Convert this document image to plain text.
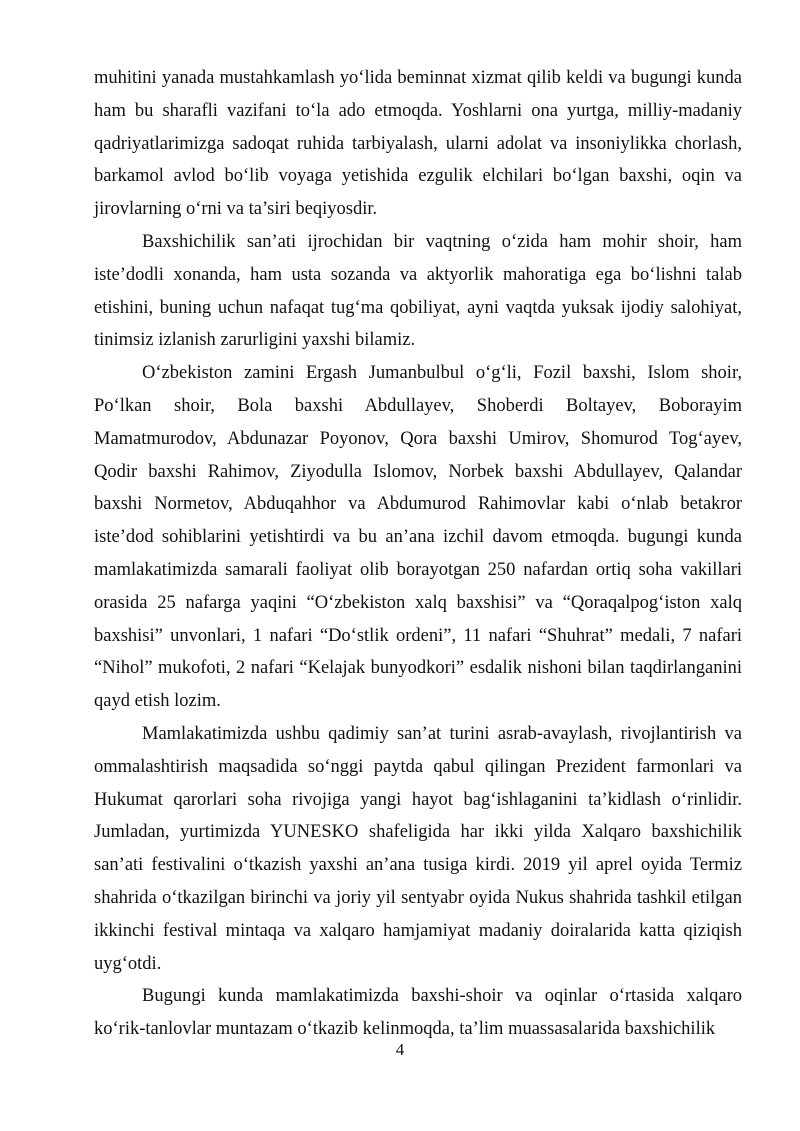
muhitini yanada mustahkamlash yo‘lida beminnat xizmat qilib keldi va bugungi kunda ham bu sharafli vazifani to‘la ado etmoqda. Yoshlarni ona yurtga, milliy-madaniy qadriyatlarimizga sadoqat ruhida tarbiyalash, ularni adolat va insoniylikka chorlash, barkamol avlod bo‘lib voyaga yetishida ezgulik elchilari bo‘lgan baxshi, oqin va jirovlarning o‘rni va ta’siri beqiyosdir.

Baxshichilik san’ati ijrochidan bir vaqtning o‘zida ham mohir shoir, ham iste’dodli xonanda, ham usta sozanda va aktyorlik mahoratiga ega bo‘lishni talab etishini, buning uchun nafaqat tug‘ma qobiliyat, ayni vaqtda yuksak ijodiy salohiyat, tinimsiz izlanish zarurligini yaxshi bilamiz.

O‘zbekiston zamini Ergash Jumanbulbul o‘g‘li, Fozil baxshi, Islom shoir, Po‘lkan shoir, Bola baxshi Abdullayev, Shoberdi Boltayev, Boborayim Mamatmurodov, Abdunazar Poyonov, Qora baxshi Umirov, Shomurod Tog‘ayev, Qodir baxshi Rahimov, Ziyodulla Islomov, Norbek baxshi Abdullayev, Qalandar baxshi Normetov, Abduqahhor va Abdumurod Rahimovlar kabi o‘nlab betakror iste’dod sohiblarini yetishtirdi va bu an’ana izchil davom etmoqda. bugungi kunda mamlakatimizda samarali faoliyat olib borayotgan 250 nafardan ortiq soha vakillari orasida 25 nafarga yaqini “O‘zbekiston xalq baxshisi” va “Qoraqalpog‘iston xalq baxshisi” unvonlari, 1 nafari “Do‘stlik ordeni”, 11 nafari “Shuhrat” medali, 7 nafari “Nihol” mukofoti, 2 nafari “Kelajak bunyodkori” esdalik nishoni bilan taqdirlanganini qayd etish lozim.

Mamlakatimizda ushbu qadimiy san’at turini asrab-avaylash, rivojlantirish va ommalashtirish maqsadida so‘nggi paytda qabul qilingan Prezident farmonlari va Hukumat qarorlari soha rivojiga yangi hayot bag‘ishlaganini ta’kidlash o‘rinlidir. Jumladan, yurtimizda YUNESKO shafeligida har ikki yilda Xalqaro baxshichilik san’ati festivalini o‘tkazish yaxshi an’ana tusiga kirdi. 2019 yil aprel oyida Termiz shahrida o‘tkazilgan birinchi va joriy yil sentyabr oyida Nukus shahrida tashkil etilgan ikkinchi festival mintaqa va xalqaro hamjamiyat madaniy doiralarida katta qiziqish uyg‘otdi.

Bugungi kunda mamlakatimizda baxshi-shoir va oqinlar o‘rtasida xalqaro ko‘rik-tanlovlar muntazam o‘tkazib kelinmoqda, ta’lim muassasalarida baxshichilik

4
